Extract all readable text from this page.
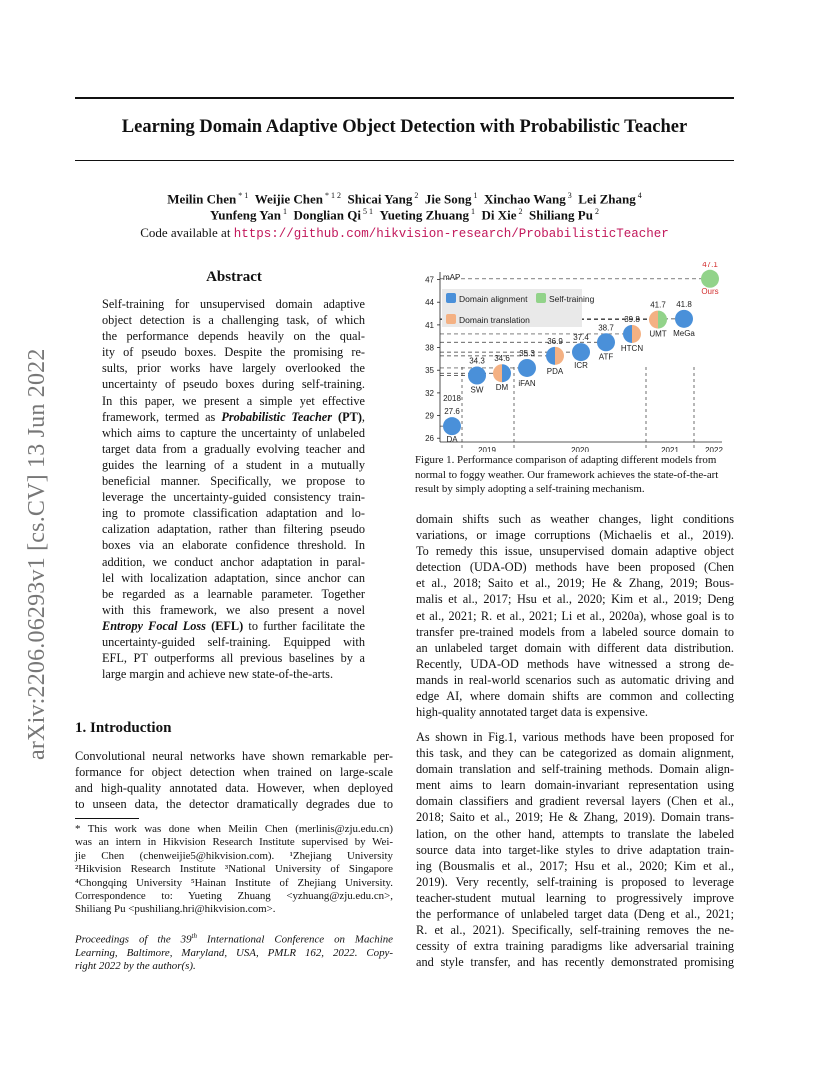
arXiv:2206.06293v1 [cs.CV] 13 Jun 2022
Learning Domain Adaptive Object Detection with Probabilistic Teacher
Meilin Chen $^{* 1}$ Weijie Chen $^{* 1 2}$ Shicai Yang $^2$ Jie Song $^1$ Xinchao Wang $^3$ Lei Zhang $^4$
Yunfeng Yan $^1$ Donglian Qi $^{5 1}$ Yueting Zhuang $^1$ Di Xie $^2$ Shiliang Pu $^2$
Code available at https://github.com/hikvision-research/ProbabilisticTeacher
Abstract
Self-training for unsupervised domain adaptive
object detection is a challenging task, of which
the performance depends heavily on the qual-
ity of pseudo boxes. Despite the promising re-
sults, prior works have largely overlooked the
uncertainty of pseudo boxes during self-training.
In this paper, we present a simple yet effective
framework, termed as Probabilistic Teacher (PT),
which aims to capture the uncertainty of unlabeled
target data from a gradually evolving teacher and
guides the learning of a student in a mutually
beneficial manner. Specifically, we propose to
leverage the uncertainty-guided consistency train-
ing to promote classification adaptation and lo-
calization adaptation, rather than filtering pseudo
boxes via an elaborate confidence threshold. In
addition, we conduct anchor adaptation in paral-
lel with localization adaptation, since anchor can
be regarded as a learnable parameter. Together
with this framework, we also present a novel
Entropy Focal Loss (EFL) to further facilitate the
uncertainty-guided self-training. Equipped with
EFL, PT outperforms all previous baselines by a
large margin and achieve new state-of-the-arts.
1. Introduction
Convolutional neural networks have shown remarkable per-
formance for object detection when trained on large-scale
and high-quality annotated data. However, when deployed
to unseen data, the detector dramatically degrades due to
* This work was done when Meilin Chen (merlinis@zju.edu.cn)
was an intern in Hikvision Research Institute supervised by Wei-
jie Chen (chenweijie5@hikvision.com). ¹Zhejiang University
²Hikvision Research Institute ³National University of Singapore
⁴Chongqing University ⁵Hainan Institute of Zhejiang University.
Correspondence to: Yueting Zhuang <yzhuang@zju.edu.cn>,
Shiliang Pu <pushiliang.hri@hikvision.com>.
Proceedings of the 39th International Conference on Machine
Learning, Baltimore, Maryland, USA, PMLR 162, 2022. Copy-
right 2022 by the author(s).
mAP
26
29
32
35
38
41
44
47
2019	2020	2021	2022
Domain alignment	Self-training
Domain translation
27.6
DA
2018
34.3
SW
34.6
DM
35.3
iFAN
36.9
PDA
37.4
ICR
38.7
ATF
39.8
HTCN
41.7
UMT
41.8
MeGa
47.1
Ours
Figure 1. Performance comparison of adapting different models from normal to foggy weather. Our framework achieves the state-of-the-art result by simply adopting a self-training mechanism.
domain shifts such as weather changes, light conditions
variations, or image corruptions (Michaelis et al., 2019).
To remedy this issue, unsupervised domain adaptive object
detection (UDA-OD) methods have been proposed (Chen
et al., 2018; Saito et al., 2019; He & Zhang, 2019; Bous-
malis et al., 2017; Hsu et al., 2020; Kim et al., 2019; Deng
et al., 2021; R. et al., 2021; Li et al., 2020a), whose goal is to
transfer pre-trained models from a labeled source domain to
an unlabeled target domain with different data distribution.
Recently, UDA-OD methods have witnessed a strong de-
mands in real-world scenarios such as automatic driving and
edge AI, where domain shifts are common and collecting
high-quality annotated target data is expensive.
As shown in Fig.1, various methods have been proposed for
this task, and they can be categorized as domain alignment,
domain translation and self-training methods. Domain align-
ment aims to learn domain-invariant representation using
domain classifiers and gradient reversal layers (Chen et al.,
2018; Saito et al., 2019; He & Zhang, 2019). Domain trans-
lation, on the other hand, attempts to translate the labeled
source data into target-like styles to drive adaptation train-
ing (Bousmalis et al., 2017; Hsu et al., 2020; Kim et al.,
2019). Very recently, self-training is proposed to leverage
teacher-student mutual learning to progressively improve
the performance of unlabeled target data (Deng et al., 2021;
R. et al., 2021). Specifically, self-training removes the ne-
cessity of extra training paradigms like adversarial training
and style transfer, and has recently demonstrated promising
